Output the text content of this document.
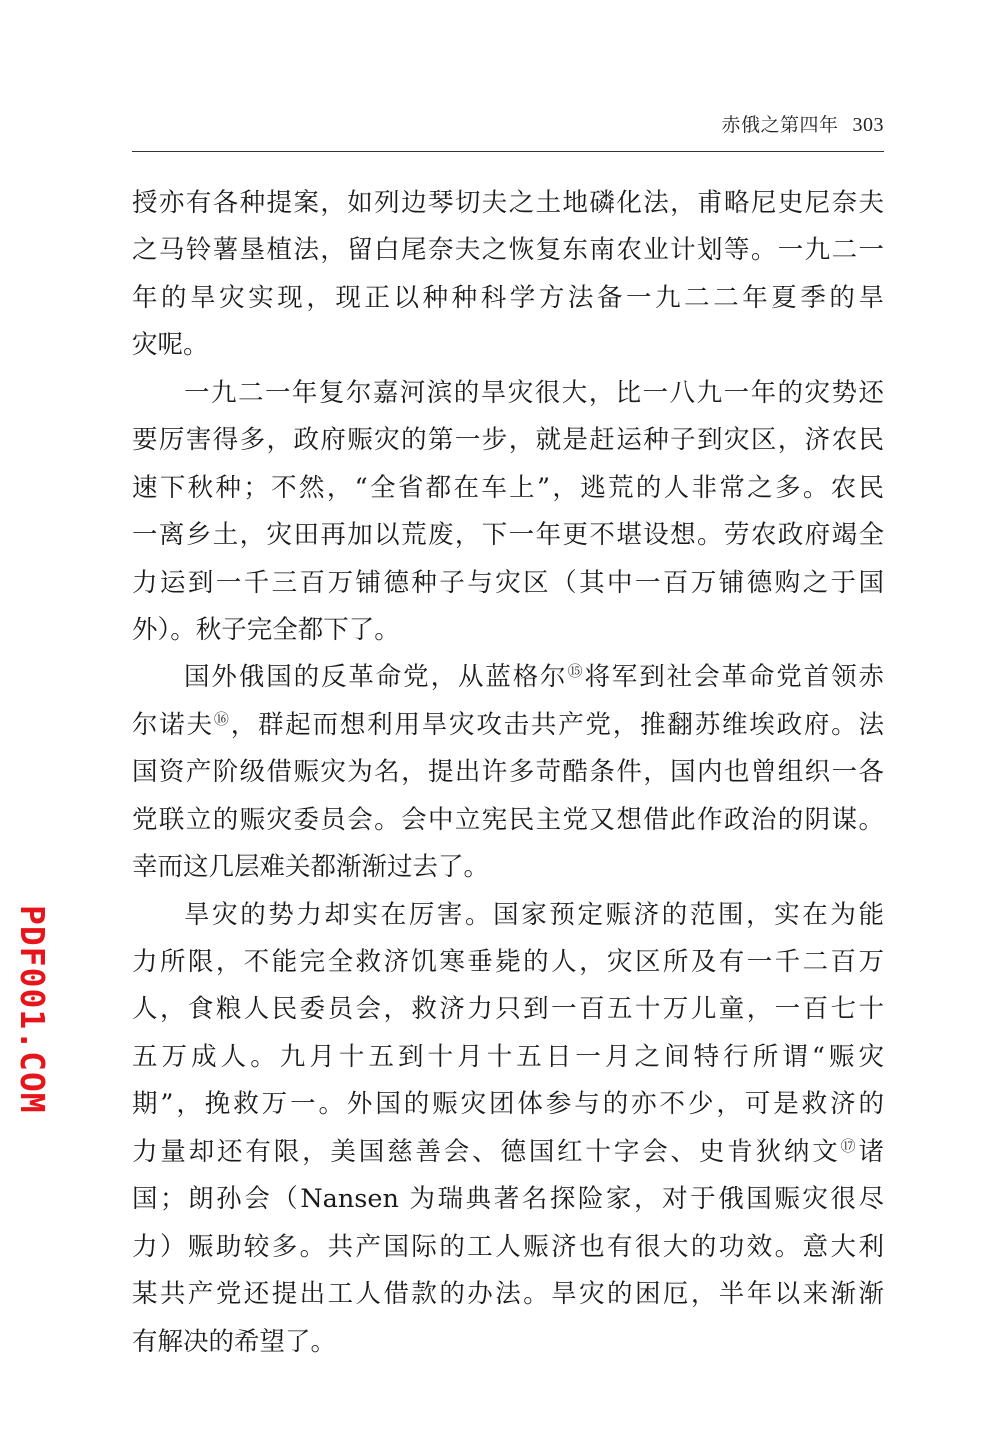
赤俄之第四年 303
授亦有各种提案，如列边琴切夫之土地磷化法，甫略尼史尼奈夫
之马铃薯垦植法，留白尾奈夫之恢复东南农业计划等。一九二一
年的旱灾实现，现正以种种科学方法备一九二二年夏季的旱
灾呢。
一九二一年复尔嘉河滨的旱灾很大，比一八九一年的灾势还
要厉害得多，政府赈灾的第一步，就是赶运种子到灾区，济农民
速下秋种；不然，“全省都在车上”，逃荒的人非常之多。农民
一离乡土，灾田再加以荒废，下一年更不堪设想。劳农政府竭全
力运到一千三百万铺德种子与灾区（其中一百万铺德购之于国
外）。秋子完全都下了。
国外俄国的反革命党，从蓝格尔⑮将军到社会革命党首领赤
尔诺夫⑯，群起而想利用旱灾攻击共产党，推翻苏维埃政府。法
国资产阶级借赈灾为名，提出许多苛酷条件，国内也曾组织一各
党联立的赈灾委员会。会中立宪民主党又想借此作政治的阴谋。
幸而这几层难关都渐渐过去了。
旱灾的势力却实在厉害。国家预定赈济的范围，实在为能
力所限，不能完全救济饥寒垂毙的人，灾区所及有一千二百万
人，食粮人民委员会，救济力只到一百五十万儿童，一百七十
五万成人。九月十五到十月十五日一月之间特行所谓“赈灾
期”，挽救万一。外国的赈灾团体参与的亦不少，可是救济的
力量却还有限，美国慈善会、德国红十字会、史肯狄纳文⑰诸
国；朗孙会（Nansen 为瑞典著名探险家，对于俄国赈灾很尽
力）赈助较多。共产国际的工人赈济也有很大的功效。意大利
某共产党还提出工人借款的办法。旱灾的困厄，半年以来渐渐
有解决的希望了。
PDF001.COM
